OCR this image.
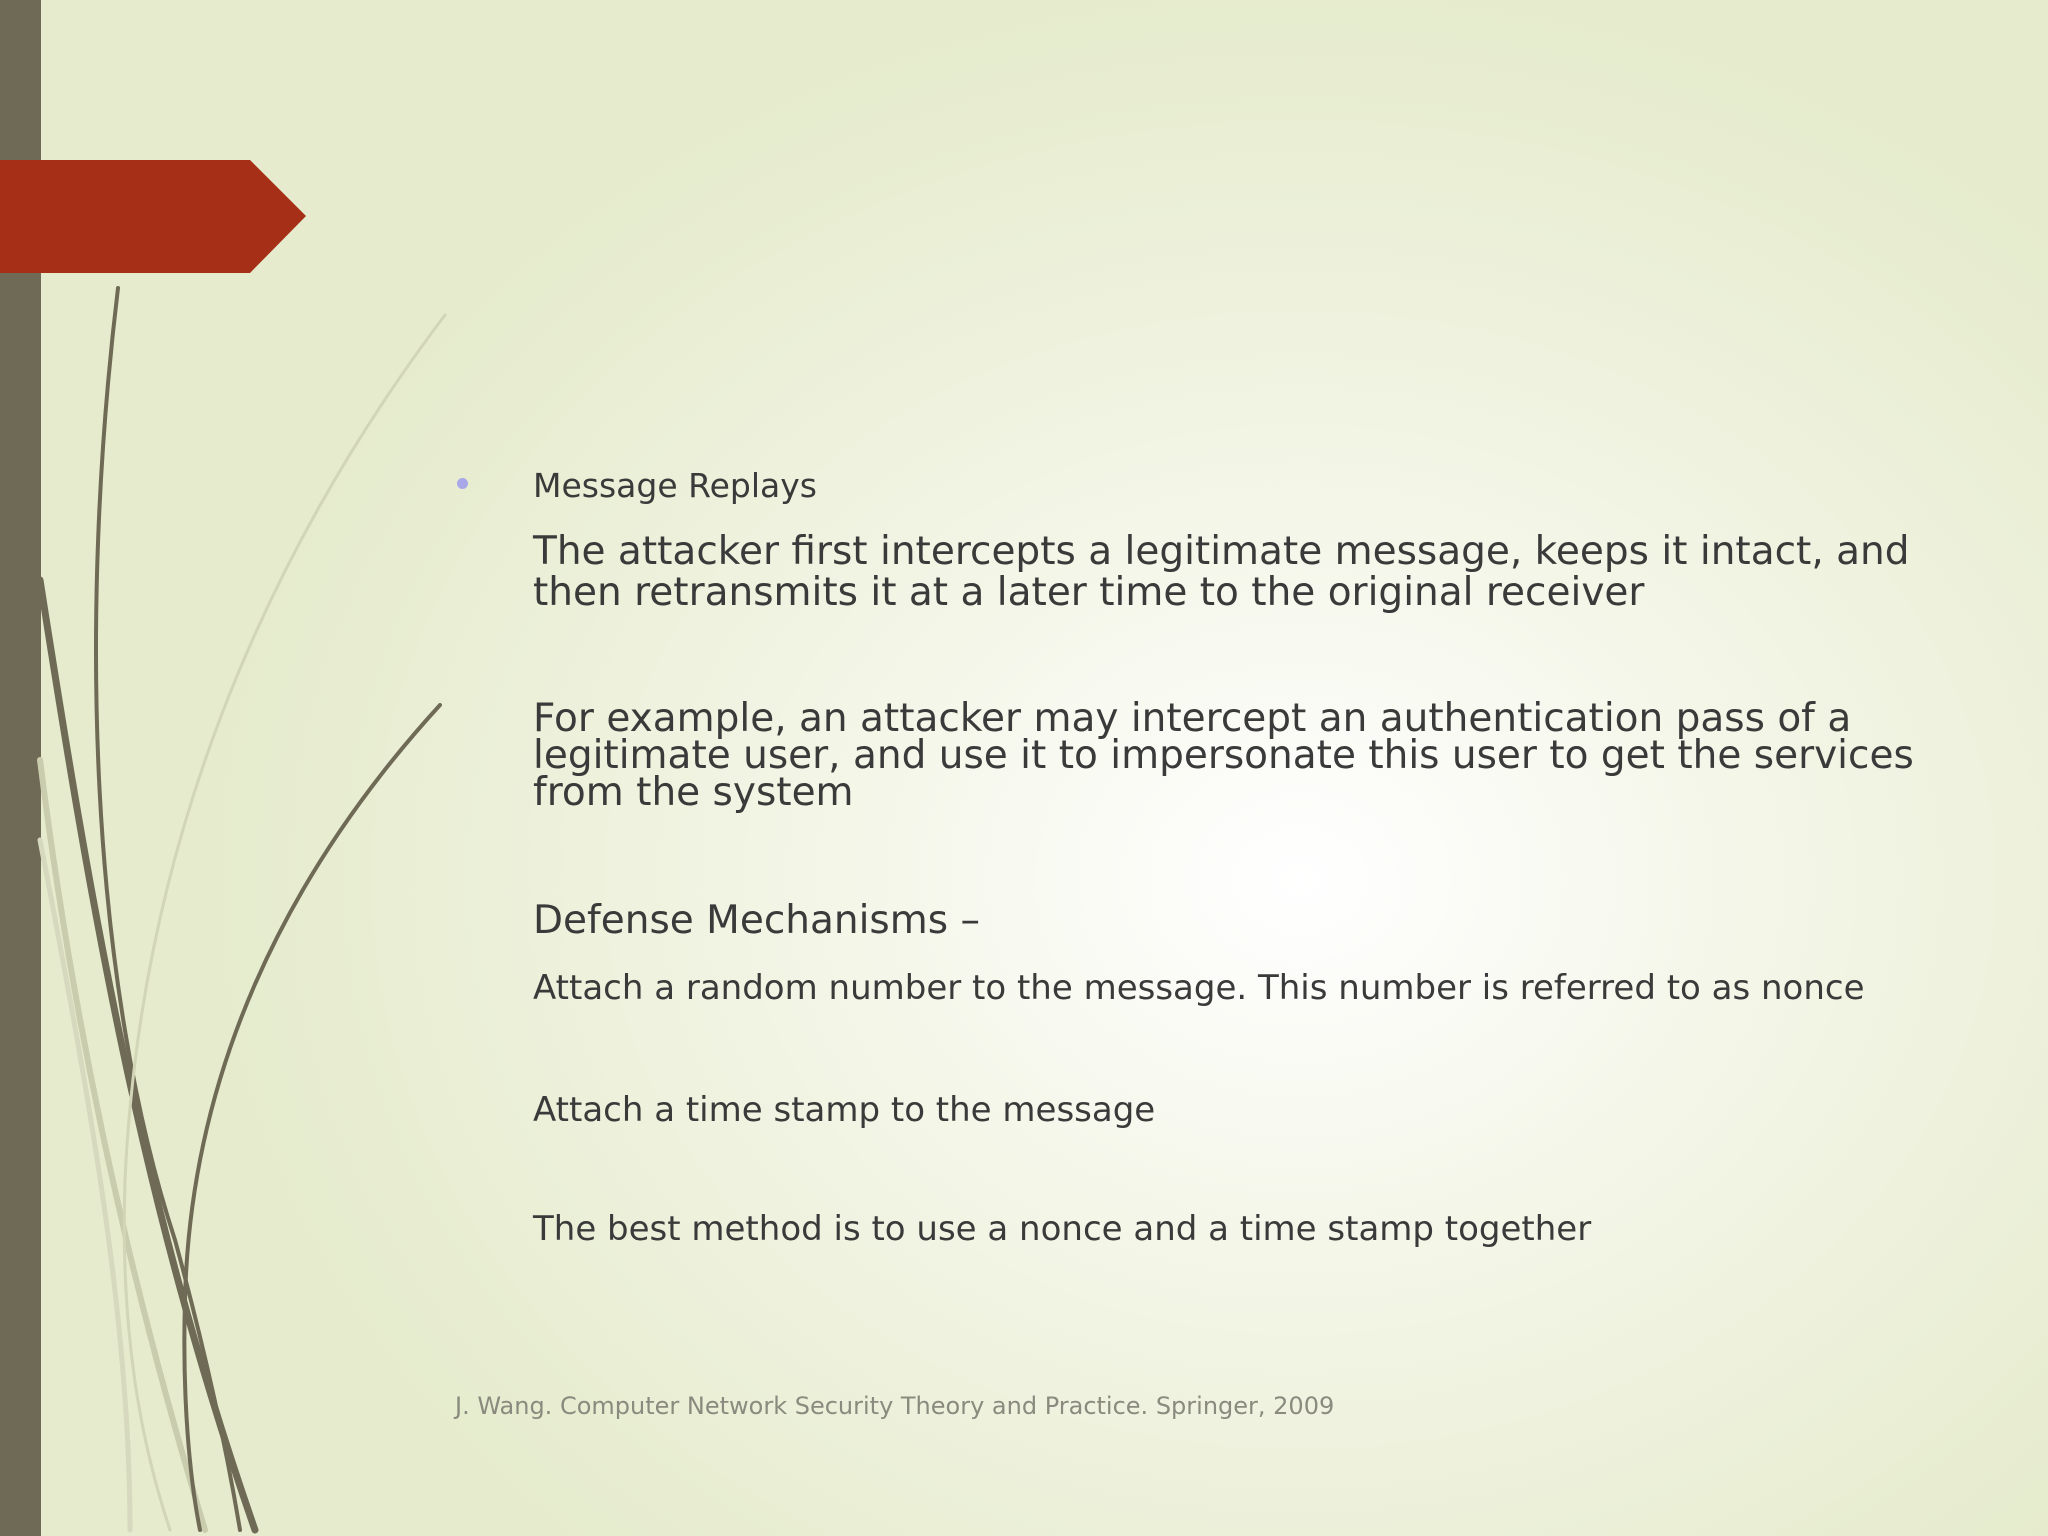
Message Replays

The attacker first intercepts a legitimate message, keeps it intact, and
then retransmits it at a later time to the original receiver

For example, an attacker may intercept an authentication pass of a
legitimate user, and use it to impersonate this user to get the services
from the system

Defense Mechanisms –

Attach a random number to the message. This number is referred to as nonce

Attach a time stamp to the message

The best method is to use a nonce and a time stamp together

J. Wang. Computer Network Security Theory and Practice. Springer, 2009
